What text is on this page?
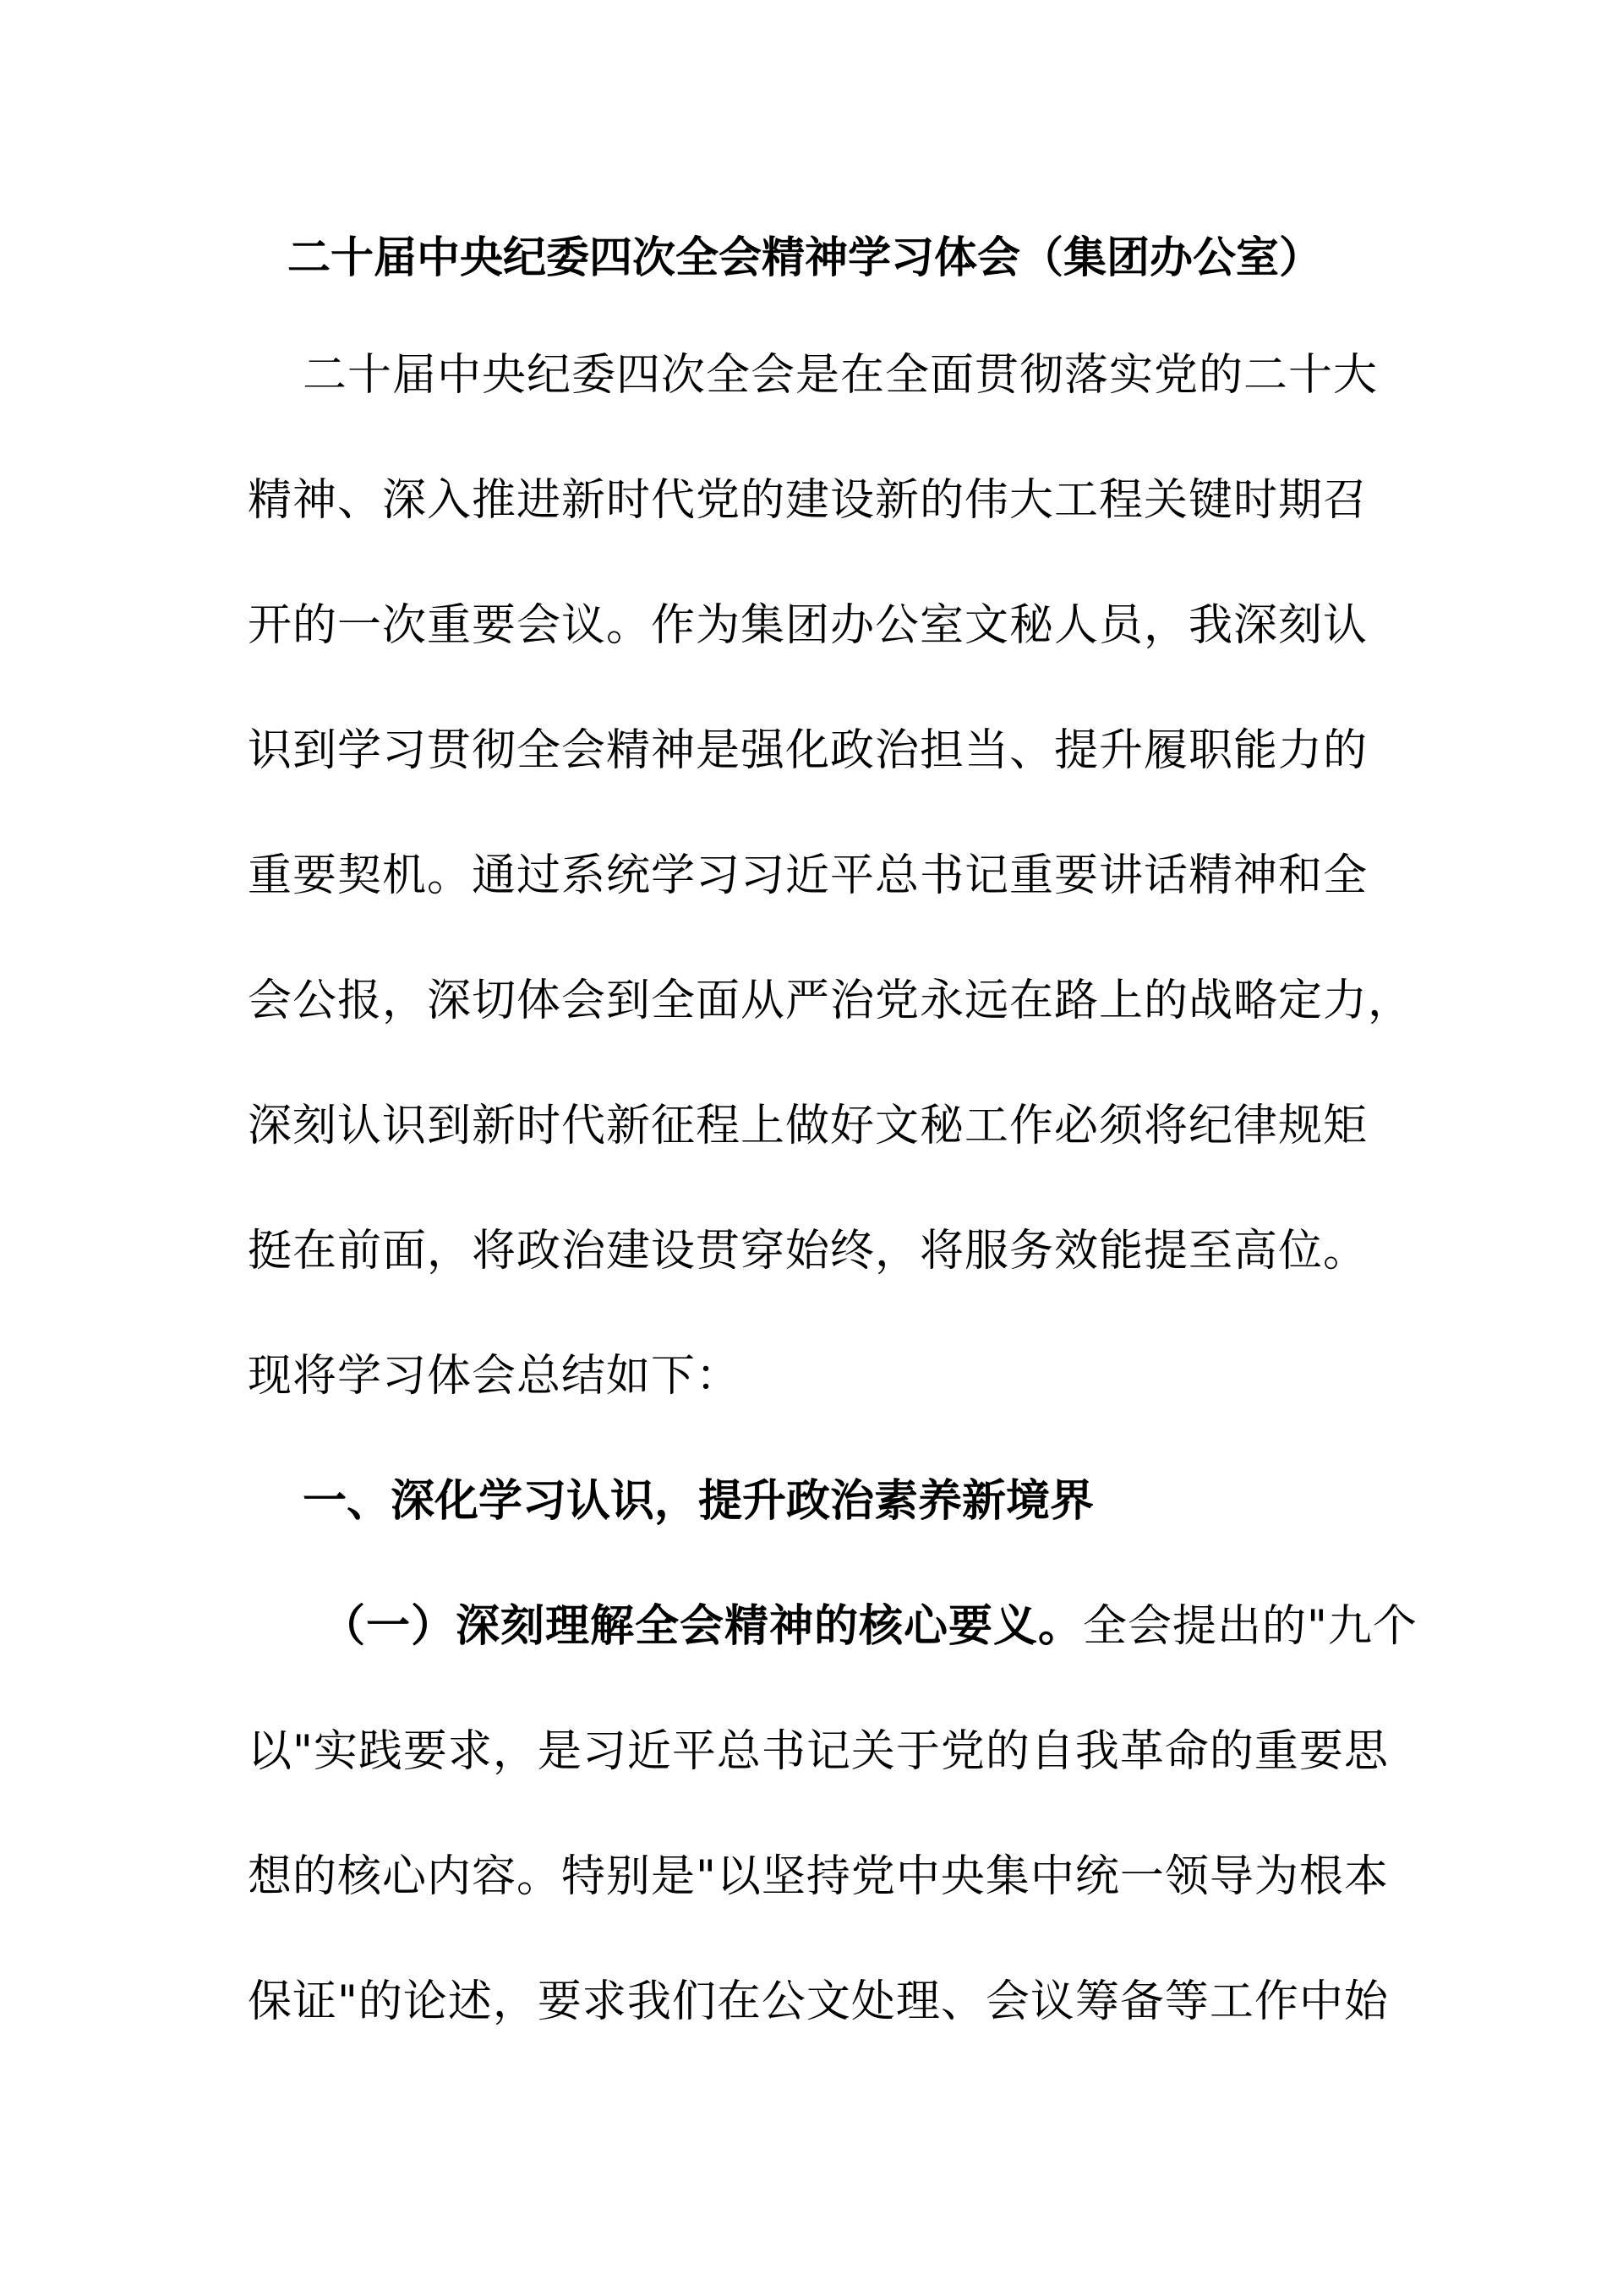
二十届中央纪委四次全会精神学习体会（集团办公室）

二十届中央纪委四次全会是在全面贯彻落实党的二十大

精神、深入推进新时代党的建设新的伟大工程关键时期召

开的一次重要会议。作为集团办公室文秘人员，我深刻认

识到学习贯彻全会精神是强化政治担当、提升履职能力的

重要契机。通过系统学习习近平总书记重要讲话精神和全

会公报，深切体会到全面从严治党永远在路上的战略定力，

深刻认识到新时代新征程上做好文秘工作必须将纪律规矩

挺在前面，将政治建设贯穿始终，将服务效能提至高位。

现将学习体会总结如下：

一、深化学习认识，提升政治素养新境界

（一）深刻理解全会精神的核心要义。全会提出的"九个

以"实践要求，是习近平总书记关于党的自我革命的重要思

想的核心内容。特别是"以坚持党中央集中统一领导为根本

保证"的论述，要求我们在公文处理、会议筹备等工作中始
